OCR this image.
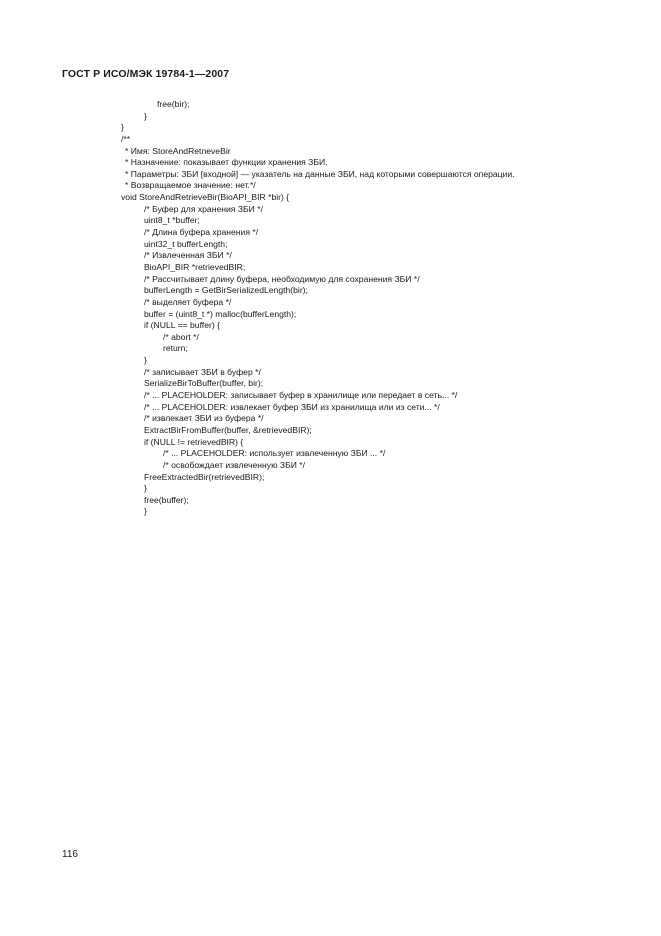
ГОСТ Р ИСО/МЭК 19784-1—2007
free(bir);
}
}
/**
* Имя: StoreAndRetneveBir
* Назначение: показывает функции хранения ЗБИ.
* Параметры: ЗБИ [входной] — указатель на данные ЗБИ, над которыми совершаются операции.
* Возвращаемое значение: нет.*/
void StoreAndRetrieveBir(BioAPI_BIR *bir) {
/* Буфер для хранения ЗБИ */
uint8_t *buffer;
/* Длина буфера хранения */
uint32_t bufferLength;
/* Извлеченная ЗБИ */
BioAPI_BIR *retrievedBIR;
/* Рассчитывает длину буфера, необходимую для сохранения ЗБИ */
bufferLength = GetBirSerializedLength(bir);
/* выделяет буфера */
buffer = (uint8_t *) malloc(bufferLength);
if (NULL == buffer) {
/* abort */
return;
}
/* записывает ЗБИ в буфер */
SerializeBirToBuffer(buffer, bir);
/* ... PLACEHOLDER: записывает буфер в хранилище или передает в сеть... */
/* ... PLACEHOLDER: извлекает буфер ЗБИ из хранилища или из сети... */
/* извлекает ЗБИ из буфера */
ExtractBirFromBuffer(buffer, &retrievedBIR);
if (NULL != retrievedBIR) {
/* ... PLACEHOLDER: использует извлеченную ЗБИ ... */
/* освобождает извлеченную ЗБИ */
FreeExtractedBir(retrievedBIR);
}
free(buffer);
}
116
